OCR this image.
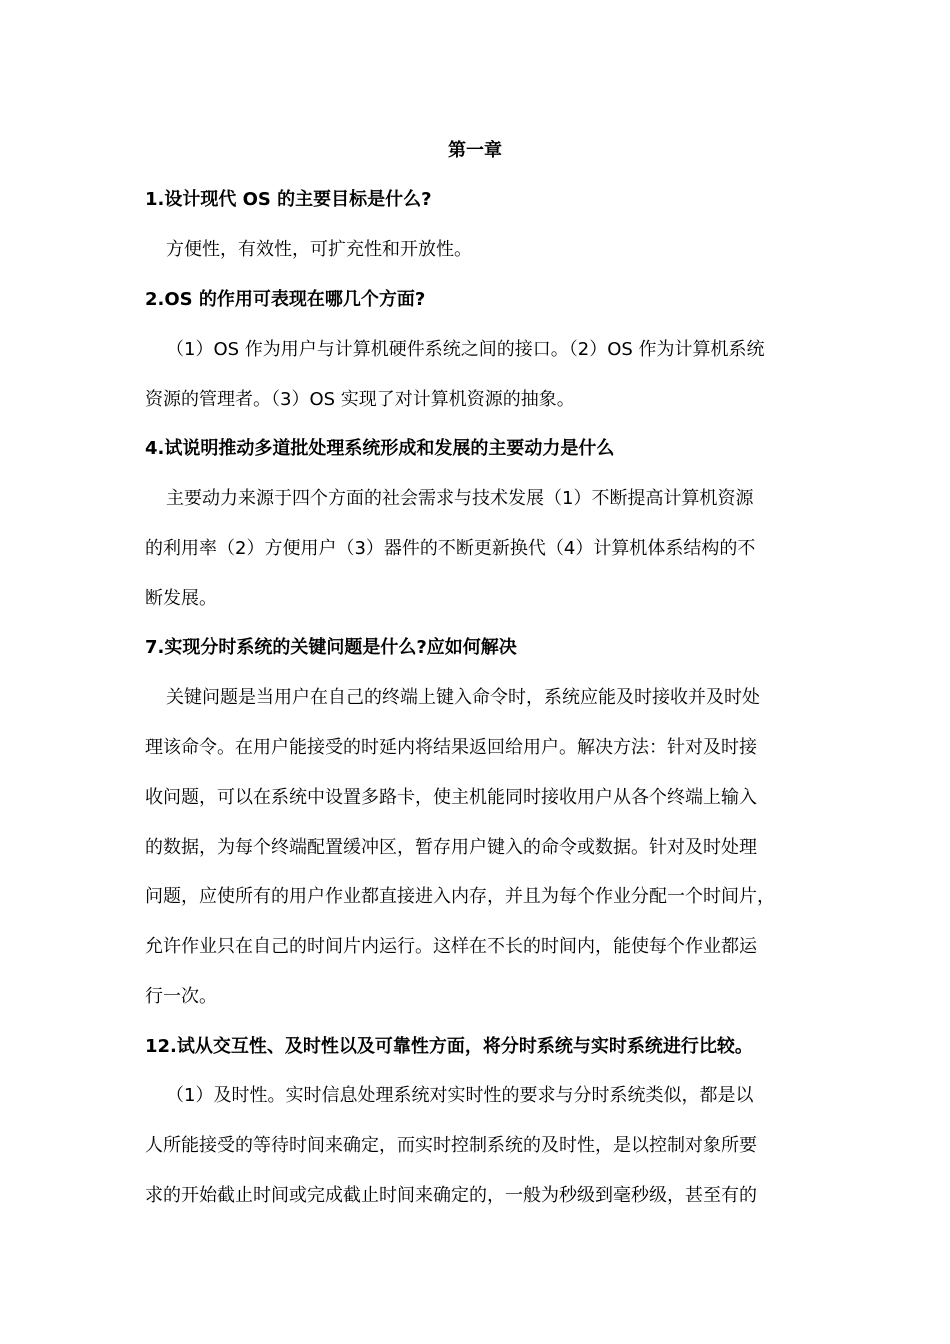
第一章
1.设计现代 OS 的主要目标是什么?
方便性，有效性，可扩充性和开放性。
2.OS 的作用可表现在哪几个方面?
（1）OS 作为用户与计算机硬件系统之间的接口。（2）OS 作为计算机系统
资源的管理者。（3）OS 实现了对计算机资源的抽象。
4.试说明推动多道批处理系统形成和发展的主要动力是什么
主要动力来源于四个方面的社会需求与技术发展（1）不断提高计算机资源
的利用率（2）方便用户（3）器件的不断更新换代（4）计算机体系结构的不
断发展。
7.实现分时系统的关键问题是什么?应如何解决
关键问题是当用户在自己的终端上键入命令时，系统应能及时接收并及时处
理该命令。在用户能接受的时延内将结果返回给用户。解决方法：针对及时接
收问题，可以在系统中设置多路卡，使主机能同时接收用户从各个终端上输入
的数据，为每个终端配置缓冲区，暂存用户键入的命令或数据。针对及时处理
问题，应使所有的用户作业都直接进入内存，并且为每个作业分配一个时间片，
允许作业只在自己的时间片内运行。这样在不长的时间内，能使每个作业都运
行一次。
12.试从交互性、及时性以及可靠性方面，将分时系统与实时系统进行比较。
（1）及时性。实时信息处理系统对实时性的要求与分时系统类似，都是以
人所能接受的等待时间来确定，而实时控制系统的及时性，是以控制对象所要
求的开始截止时间或完成截止时间来确定的，一般为秒级到毫秒级，甚至有的
